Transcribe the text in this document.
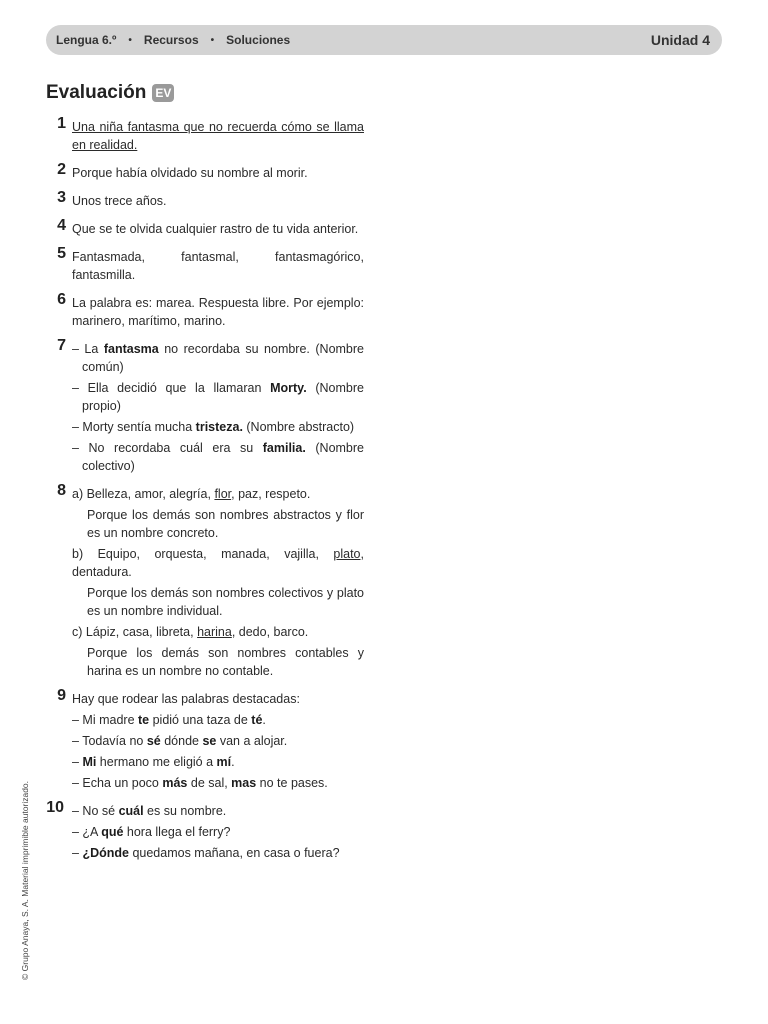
Lengua 6.º • Recursos • Soluciones	Unidad 4
Evaluación EV
1 Una niña fantasma que no recuerda cómo se llama en realidad.
2 Porque había olvidado su nombre al morir.
3 Unos trece años.
4 Que se te olvida cualquier rastro de tu vida anterior.
5 Fantasmada, fantasmal, fantasmagórico, fantasmilla.
6 La palabra es: marea. Respuesta libre. Por ejemplo: marinero, marítimo, marino.
7 – La fantasma no recordaba su nombre. (Nombre común)
– Ella decidió que la llamaran Morty. (Nombre propio)
– Morty sentía mucha tristeza. (Nombre abstracto)
– No recordaba cuál era su familia. (Nombre colectivo)
8 a) Belleza, amor, alegría, flor, paz, respeto.
Porque los demás son nombres abstractos y flor es un nombre concreto.
b) Equipo, orquesta, manada, vajilla, plato, dentadura.
Porque los demás son nombres colectivos y plato es un nombre individual.
c) Lápiz, casa, libreta, harina, dedo, barco.
Porque los demás son nombres contables y harina es un nombre no contable.
9 Hay que rodear las palabras destacadas:
– Mi madre te pidió una taza de té.
– Todavía no sé dónde se van a alojar.
– Mi hermano me eligió a mí.
– Echa un poco más de sal, mas no te pases.
10 – No sé cuál es su nombre.
– ¿A qué hora llega el ferry?
– ¿Dónde quedamos mañana, en casa o fuera?
© Grupo Anaya, S. A. Material imprimible autorizado.
